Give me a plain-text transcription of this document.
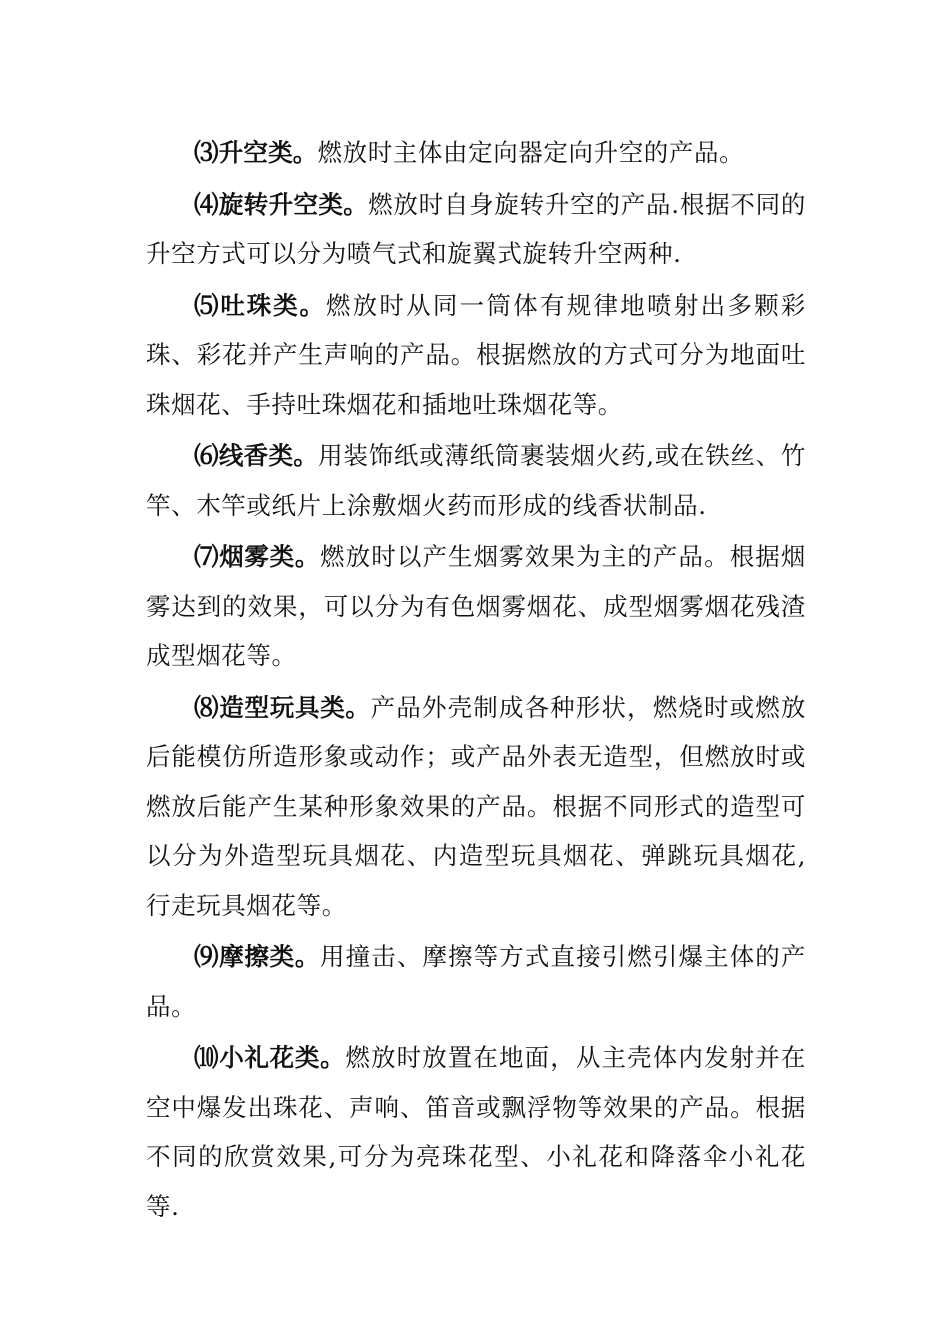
⑶升空类。燃放时主体由定向器定向升空的产品。

⑷旋转升空类。燃放时自身旋转升空的产品.根据不同的升空方式可以分为喷气式和旋翼式旋转升空两种.

⑸吐珠类。燃放时从同一筒体有规律地喷射出多颗彩珠、彩花并产生声响的产品。根据燃放的方式可分为地面吐珠烟花、手持吐珠烟花和插地吐珠烟花等。

⑹线香类。用装饰纸或薄纸筒裹装烟火药,或在铁丝、竹竿、木竿或纸片上涂敷烟火药而形成的线香状制品.

⑺烟雾类。燃放时以产生烟雾效果为主的产品。根据烟雾达到的效果，可以分为有色烟雾烟花、成型烟雾烟花残渣成型烟花等。

⑻造型玩具类。产品外壳制成各种形状，燃烧时或燃放后能模仿所造形象或动作；或产品外表无造型，但燃放时或燃放后能产生某种形象效果的产品。根据不同形式的造型可以分为外造型玩具烟花、内造型玩具烟花、弹跳玩具烟花,行走玩具烟花等。

⑼摩擦类。用撞击、摩擦等方式直接引燃引爆主体的产品。

⑽小礼花类。燃放时放置在地面，从主壳体内发射并在空中爆发出珠花、声响、笛音或飘浮物等效果的产品。根据不同的欣赏效果,可分为亮珠花型、小礼花和降落伞小礼花等.
